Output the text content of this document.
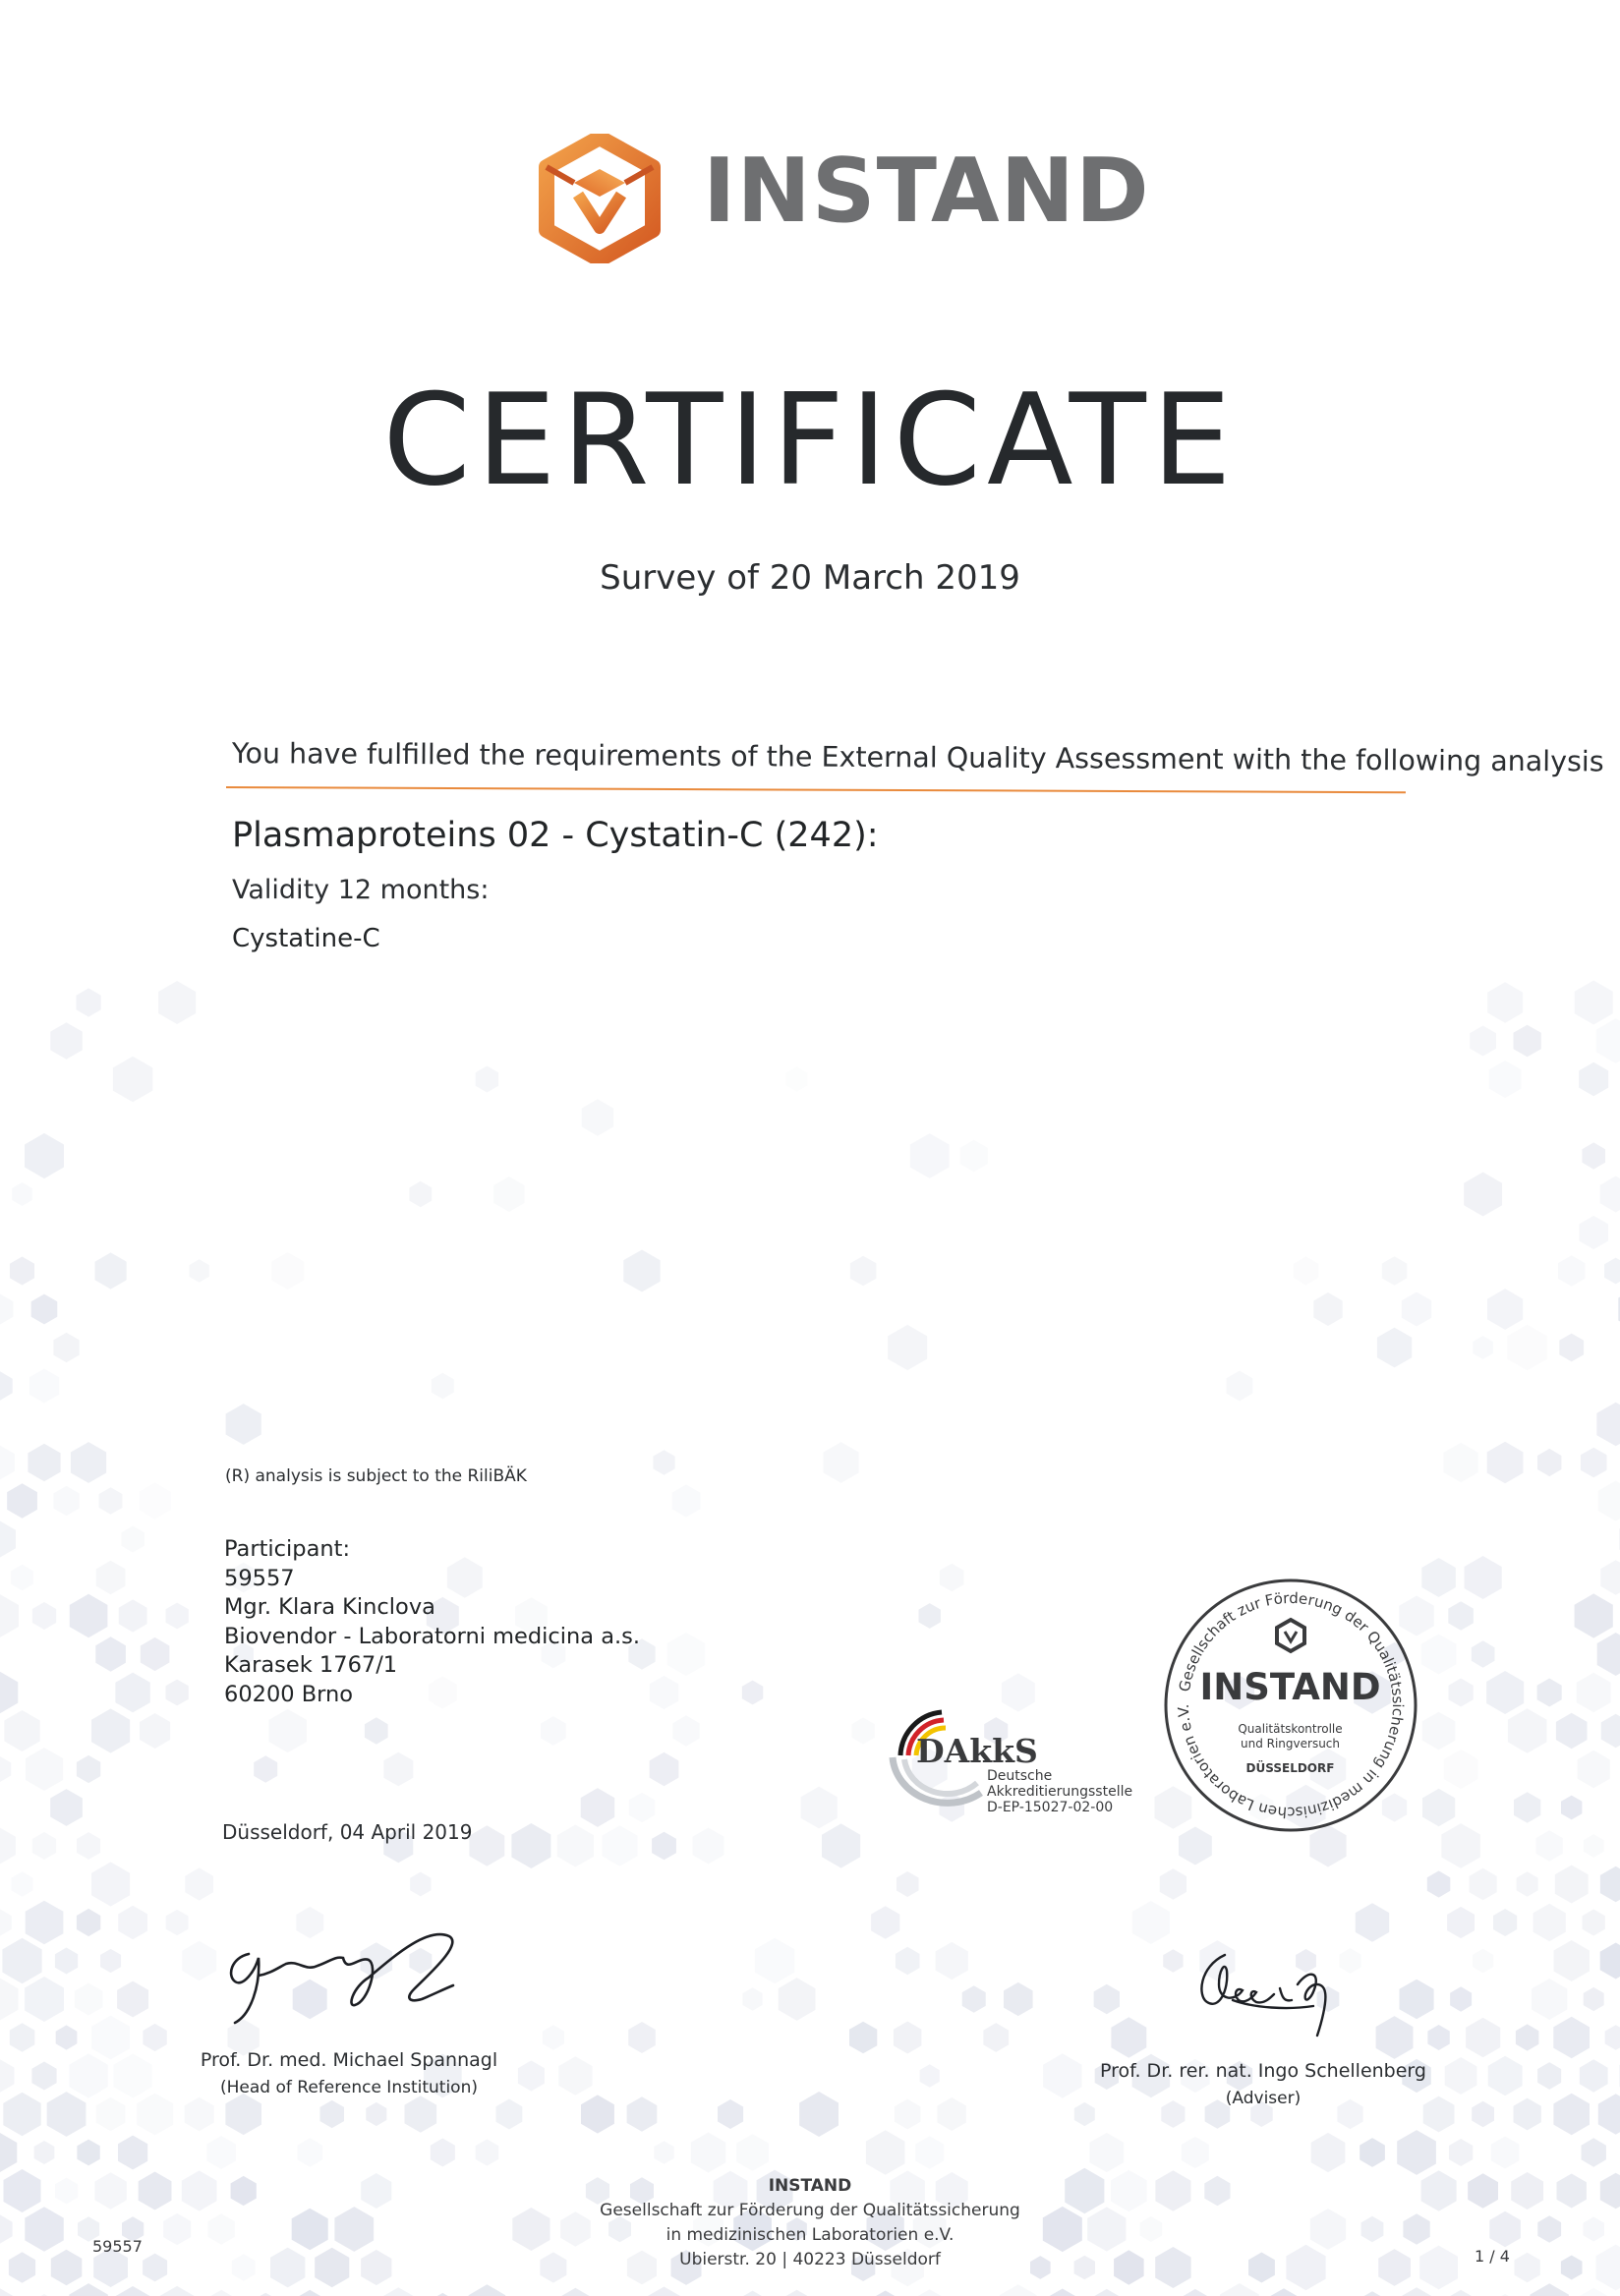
INSTAND
CERTIFICATE
Survey of 20 March 2019
You have fulfilled the requirements of the External Quality Assessment with the following analysis
Plasmaproteins 02 - Cystatin-C (242):
Validity 12 months:
Cystatine-C
(R) analysis is subject to the RiliBÄK
Participant:
59557
Mgr. Klara Kinclova
Biovendor - Laboratorni medicina a.s.
Karasek 1767/1
60200 Brno
Düsseldorf, 04 April 2019
DAkkS
Deutsche
Akkreditierungsstelle
D-EP-15027-02-00
Gesellschaft zur Förderung der Qualitätssicherung in medizinischen Laboratorien e.V. INSTAND
Qualitätskontrolle
und Ringversuch
DÜSSELDORF
Prof. Dr. med. Michael Spannagl
(Head of Reference Institution)
Prof. Dr. rer. nat. Ingo Schellenberg
(Adviser)
INSTAND
Gesellschaft zur Förderung der Qualitätssicherung
in medizinischen Laboratorien e.V.
Ubierstr. 20 | 40223 Düsseldorf
59557
1 / 4
